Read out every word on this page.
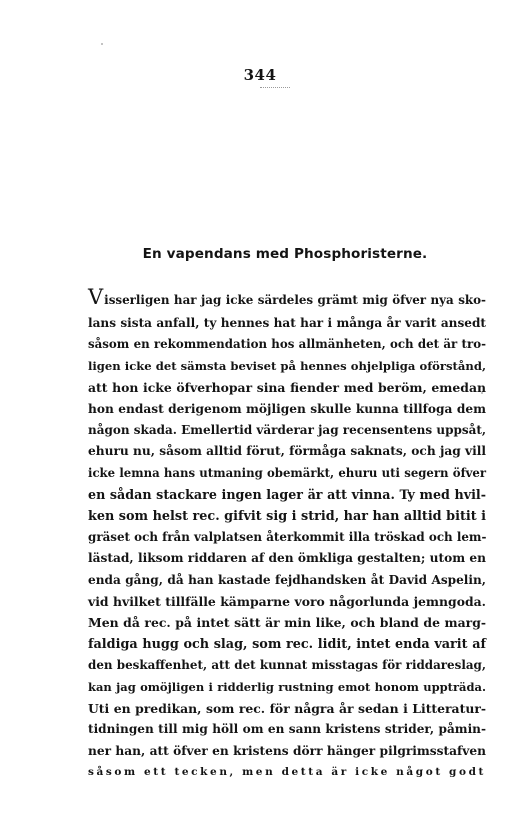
344
En vapendans med Phosphoristerne.
Visserligen har jag icke särdeles grämt mig öfver nya sko-
lans sista anfall, ty hennes hat har i många år varit ansedt
såsom en rekommendation hos allmänheten, och det är tro-
ligen icke det sämsta beviset på hennes ohjelpliga oförstånd,
att hon icke öfverhopar sina fiender med beröm, emedan
hon endast derigenom möjligen skulle kunna tillfoga dem
någon skada. Emellertid värderar jag recensentens uppsåt,
ehuru nu, såsom alltid förut, förmåga saknats, och jag vill
icke lemna hans utmaning obemärkt, ehuru uti segern öfver
en sådan stackare ingen lager är att vinna. Ty med hvil-
ken som helst rec. gifvit sig i strid, har han alltid bitit i
gräset och från valplatsen återkommit illa tröskad och lem-
lästad, liksom riddaren af den ömkliga gestalten; utom en
enda gång, då han kastade fejdhandsken åt David Aspelin,
vid hvilket tillfälle kämparne voro någorlunda jemngoda.
Men då rec. på intet sätt är min like, och bland de marg-
faldiga hugg och slag, som rec. lidit, intet enda varit af
den beskaffenhet, att det kunnat misstagas för riddareslag,
kan jag omöjligen i ridderlig rustning emot honom uppträda.
Uti en predikan, som rec. för några år sedan i Litteratur-
tidningen till mig höll om en sann kristens strider, påmin-
ner han, att öfver en kristens dörr hänger pilgrimsstafven
såsom ett tecken, men detta är icke något godt
